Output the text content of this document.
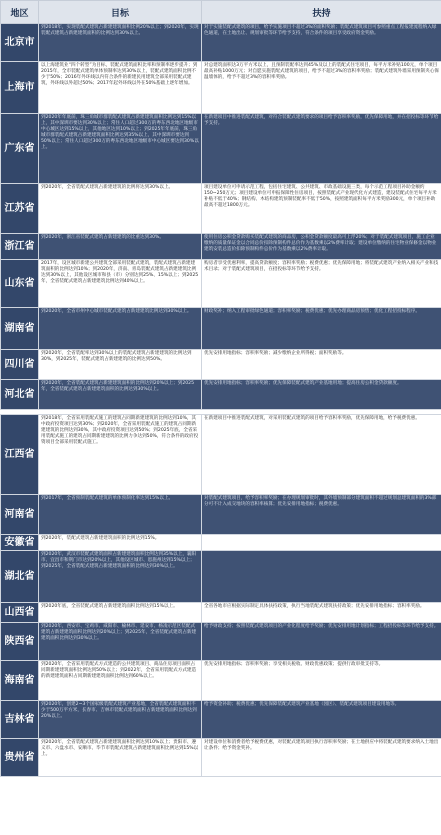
地区	目标	扶持
北京市	到2018年，实现装配式建筑占新建建筑面积比例20%以上；到2020年，实现装配式建筑占新建建筑面积的比例达到30%以上。	对于实施装配式建筑的项目，给予实施项目不超过3%的面积奖励；装配式建筑项目可参照重点工程报建流程纳入绿色通道，在土地出让、规划审批等环节给予支持，符合条件的项目享受政府资金奖励。
上海市	以上海建筑业“四个转型”为目标，装配式建筑面积比率和预制率逐步提升；到2015年，全市装配式建筑单体预制率达到30%以上，装配式建筑面积比例不少于50%；2016年外环线以内符合条件的新建民用建筑全部采用装配式建筑，外环线以外超过50%；2017年起外环线以外在50%基础上逐年增加。	对总建筑面积达3万平方米以上，且预制装配率达到45%及以上的装配式住宅项目，每平方米补贴100元，单个项目最高补贴1000万元；对自愿实施装配式建筑的项目，给予不超过3%的容积率奖励；装配式建筑外墙采用预制夹心保温墙体的，给予不超过3%的容积率奖励。
广东省	到2020年年底前，珠三角城市群装配式建筑占新建建筑面积比例达到15%以上，其中深圳市要达到30%以上；常住人口超过300万的粤东西北地区地级市中心城区达到15%以上，其他地区达到10%以上；到2025年年底前，珠三角城市群装配式建筑占新建建筑面积比例达到35%以上，其中深圳市要达到50%以上；常住人口超过300万的粤东西北地区地级市中心城区要达到30%以上。	在新建项目中推进装配式建筑，对符合装配式建筑要求的项目给予容积率奖励，优先保障用地，并在招投标等环节给予支持。
江苏省	到2020年，全省装配式建筑占新建建筑的比例将达到30%以上。	项目建设单位可申请示范工程，包括住宅建筑、公共建筑、市政基础设施三类，每个示范工程项目补助金额约150~250万元；项目建设单位可申报保障性住房项目，按照装配式产业现代化方式建造，建设装配式住宅每平方米补贴不低于40%；钢结构、木结构建筑预制装配率不低于50%，按照建筑面积每平方米奖励300元，单个项目补助最高不超过1800万元。
浙江省	到2020年，浙江省装配式建筑占新建建筑的比重达到30%。	使用住房公积金贷款购买装配式建筑的商品房，公积金贷款额度最高可上浮20%；对于装配式建筑项目，施工企业缴纳的质量保证金以合同总价扣除预制构件总价作为基数乘以2%费率计取；建设单位缴纳的住宅物业保修金以物业建筑安装总造价扣除预制构件总价作为基数乘以2%费率计取。
山东省	2017年，设区城市新建公共建筑全部采用装配式建筑，装配式建筑占新建建筑面积的比例达到10%；到2020年，济南、青岛装配式建筑占新建建筑比例达到30%以上，其他设区城市和县（市）分别达到25%、15%以上；到2025年，全省装配式建筑占新建建筑比例达到40%以上。	购房者享受优惠利率，提高贷款额度；容积率奖励；税费优惠；优先保障用地；将装配式建筑产业纳入相关产业和技术目录；对于装配式建筑项目，在招投标等环节给予支持。
湖南省	到2020年，全省市州中心城市装配式建筑占新建建筑比例达到30%以上。	财政奖补；纳入工程审批绿色通道；容积率奖励；税费优惠；优先办理商品房预售；优化工程招投标程序。
四川省	到2020年，全省装配率达到30%以上的装配式建筑占新建建筑的比例达到30%，到2025年，装配式建筑占新建建筑的比例达到50%。	优先安排用地指标；容积率奖励；减少缴纳企业所得税；面积奖励等。
河北省	到2020年，全省装配式建筑占新建建筑面积的比例达到20%以上；到2025年，全省装配式建筑占新建建筑面积的比例达到30%以上。	优先安排用地指标；容积率奖励；优先保障装配式建筑产业基地用地；提高住房公积金贷款额度。

江西省	到2018年，全省采用装配式施工的建筑占同期新建建筑的比例达到10%，其中政府投资项目达到30%；到2020年，全省采用装配式施工的建筑占同期新建建筑的比例达到30%，其中政府投资项目达到50%；到2025年底，全省采用装配式施工的建筑占同期新建建筑的比例力争达到50%，符合条件的政府投资项目全部采用装配式施工。	在新建项目中推进装配式建筑，对采用装配式建筑的项目给予容积率奖励，优先保障用地，给予税费优惠。
河南省	到2017年，全省预制装配式建筑的单体预制化率达到15%以上。	对装配式建筑项目，给予容积率奖励；在办理规划审批时，其外墙预制部分建筑面积不超过规划总建筑面积的3%部分可不计入成交地块的容积率核算；优先安排用地指标；税费优惠。
安徽省	到2020年，装配式建筑占新建建筑面积的比例达到15%。	
湖北省	到2020年，武汉市装配式建筑面积占新建建筑面积比例达到35%以上，襄阳市、宜昌市和荆门市达到20%以上，其他设区城市、恩施州达到15%以上；到2025年，全省装配式建筑占新建建筑面积的比例达到30%以上。	
山西省	到2020年底，全省装配式建筑占新建建筑面积比例达到15%以上。	全省各地市应根据实际制定具体扶持政策，执行当地装配式建筑扶持政策；优先安排用地指标；容积率奖励。
陕西省	到2020年，西安市、宝鸡市、咸阳市、榆林市、延安市、杨凌示范区装配式建筑占新建建筑面积比例达到20%以上；到2025年，全省装配式建筑占新建建筑面积比例达到30%以上。	给予财政支持；按照装配式建筑项目的产业化程度给予奖励；优先安排用地计划指标；工程招投标等环节给予支持。
海南省	到2020年，全省采用装配式方式建造的公共建筑项目、商品住房项目面积占同期新建建筑面积比例达到50%以上；到2022年，全省采用装配式方式建造的新建建筑面积占同期新建建筑面积比例达到60%以上。	优先安排用地指标；容积率奖励；享受相关税收、财政优惠政策；提供行政审批支持等。
吉林省	到2020年，创建2~3个国家级装配式建筑产业基地，全省装配式建筑面积不少于500万平方米，长春市、吉林市装配式建筑面积占新建建筑面积比例达到20%以上。	给予资金补助；税费优惠；优先保障装配式建筑产业基地（园区）、装配式建筑项目建设用地等。
贵州省	到2020年，全省装配式建筑占新建建筑面积比例达到10%以上；贵阳市、遵义市、六盘水市、安顺市、毕节市装配式建筑占新建建筑面积比例达到15%以上。	对建设单位和消费者给予税费优惠，对装配式建筑项目执行容积率奖励；在土地供应中将装配式建筑要求纳入土地出让条件；给予资金奖补。
